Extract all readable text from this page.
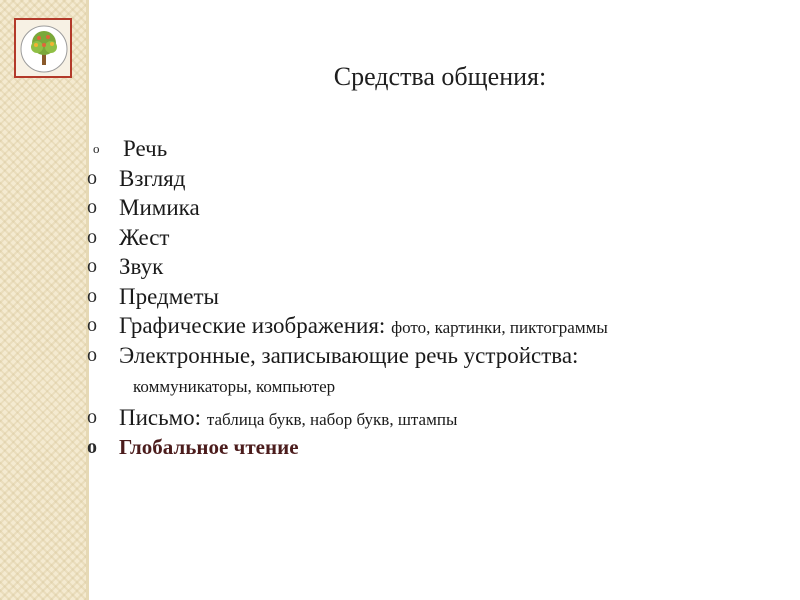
Средства общения:
o Речь
o Взгляд
o Мимика
o Жест
o Звук
o Предметы
o Графические изображения: фото, картинки, пиктограммы
o Электронные, записывающие речь устройства:
коммуникаторы, компьютер
o Письмо: таблица букв, набор букв, штампы
o Глобальное чтение
